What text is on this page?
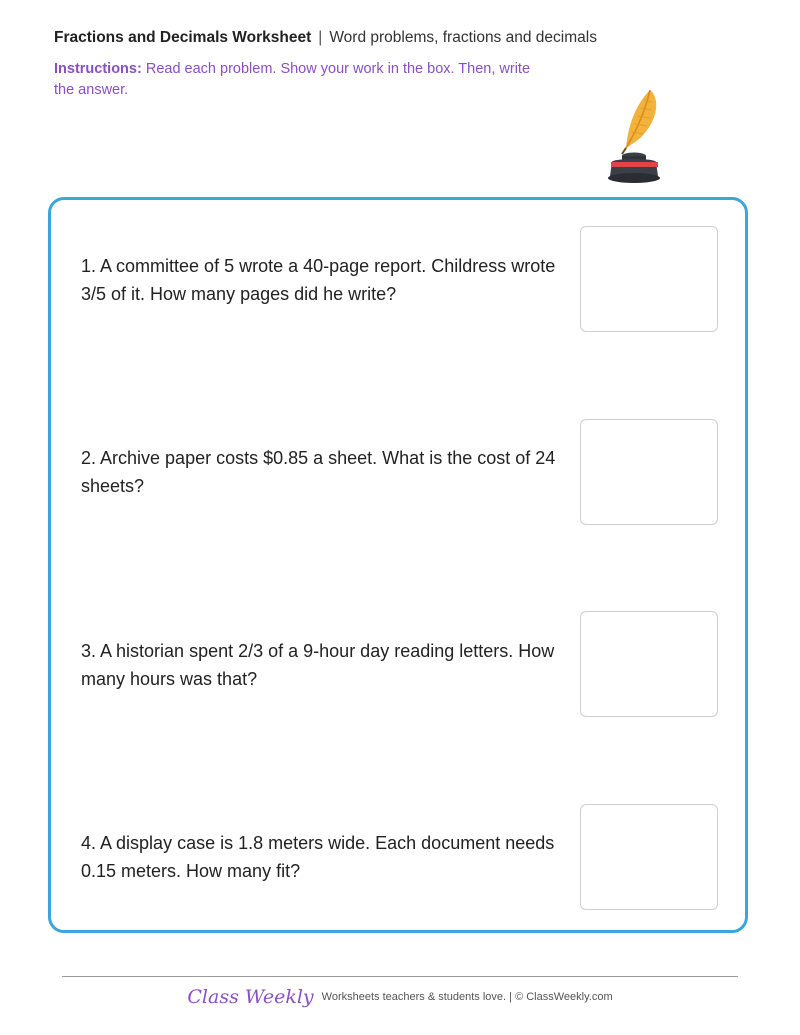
Fractions and Decimals Worksheet | Word problems, fractions and decimals
Instructions: Read each problem. Show your work in the box. Then, write the answer.
1. A committee of 5 wrote a 40-page report. Childress wrote 3/5 of it. How many pages did he write?
2. Archive paper costs $0.85 a sheet. What is the cost of 24 sheets?
3. A historian spent 2/3 of a 9-hour day reading letters. How many hours was that?
4. A display case is 1.8 meters wide. Each document needs 0.15 meters. How many fit?
Class Weekly Worksheets teachers & students love. | © ClassWeekly.com
